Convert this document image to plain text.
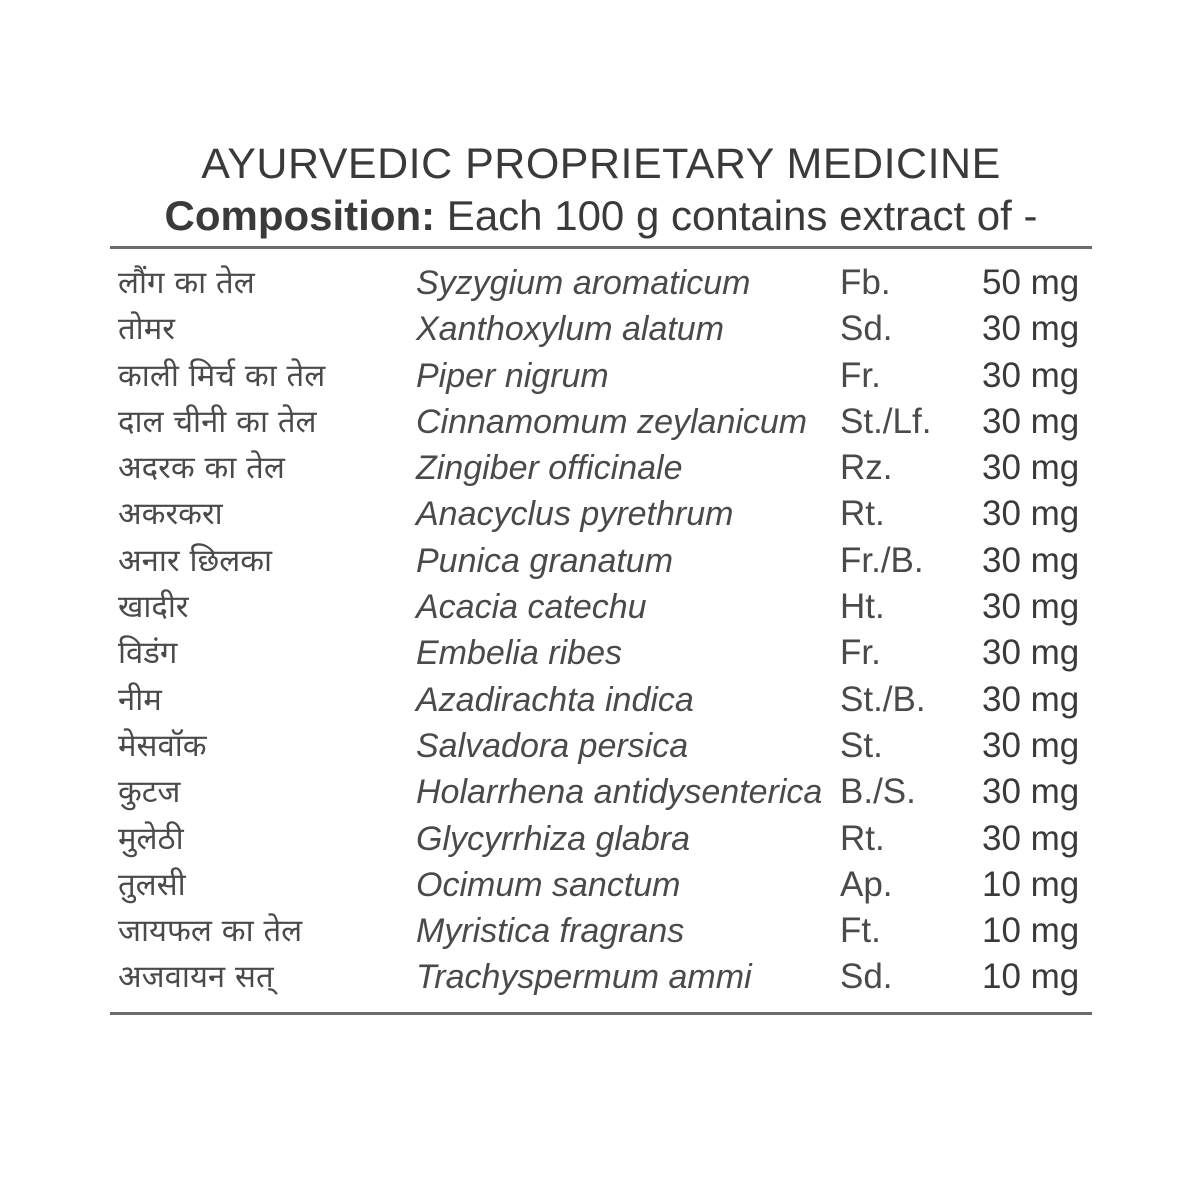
AYURVEDIC PROPRIETARY MEDICINE
Composition: Each 100 g contains extract of -
लौंग का तेल	Syzygium aromaticum	Fb.	50 mg
तोमर	Xanthoxylum alatum	Sd.	30 mg
काली मिर्च का तेल	Piper nigrum	Fr.	30 mg
दाल चीनी का तेल	Cinnamomum zeylanicum St./Lf. 30 mg
अदरक का तेल	Zingiber officinale	Rz.	30 mg
अकरकरा	Anacyclus pyrethrum	Rt.	30 mg
अनार छिलका	Punica granatum	Fr./B. 30 mg
खादीर	Acacia catechu	Ht.	30 mg
विडंग	Embelia ribes	Fr.	30 mg
नीम	Azadirachta indica	St./B. 30 mg
मेसवॉक	Salvadora persica	St.	30 mg
कुटज	Holarrhena antidysenterica B./S. 30 mg
मुलेठी	Glycyrrhiza glabra	Rt.	30 mg
तुलसी	Ocimum sanctum	Ap.	10 mg
जायफल का तेल	Myristica fragrans	Ft.	10 mg
अजवायन सत्	Trachyspermum ammi	Sd.	10 mg
